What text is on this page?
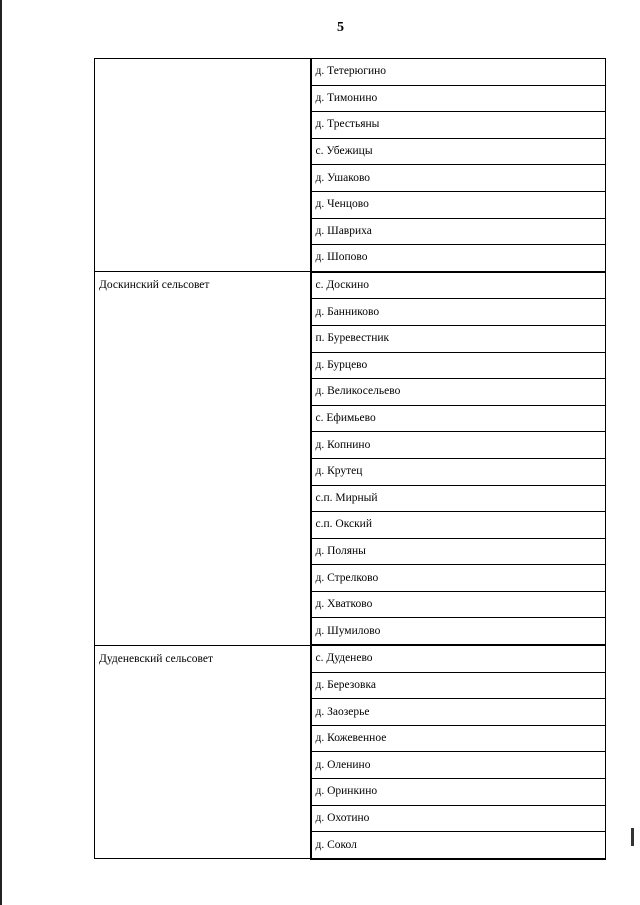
5
	д. Тетерюгино
	д. Тимонино
	д. Трестьяны
	с. Убежицы
	д. Ушаково
	д. Ченцово
	д. Шавриха
	д. Шопово
Доскинский сельсовет	с. Доскино
	д. Банниково
	п. Буревестник
	д. Бурцево
	д. Великосельево
	с. Ефимьево
	д. Копнино
	д. Крутец
	с.п. Мирный
	с.п. Окский
	д. Поляны
	д. Стрелково
	д. Хватково
	д. Шумилово
Дуденевский сельсовет	с. Дуденево
	д. Березовка
	д. Заозерье
	д. Кожевенное
	д. Оленино
	д. Оринкино
	д. Охотино
	д. Сокол
